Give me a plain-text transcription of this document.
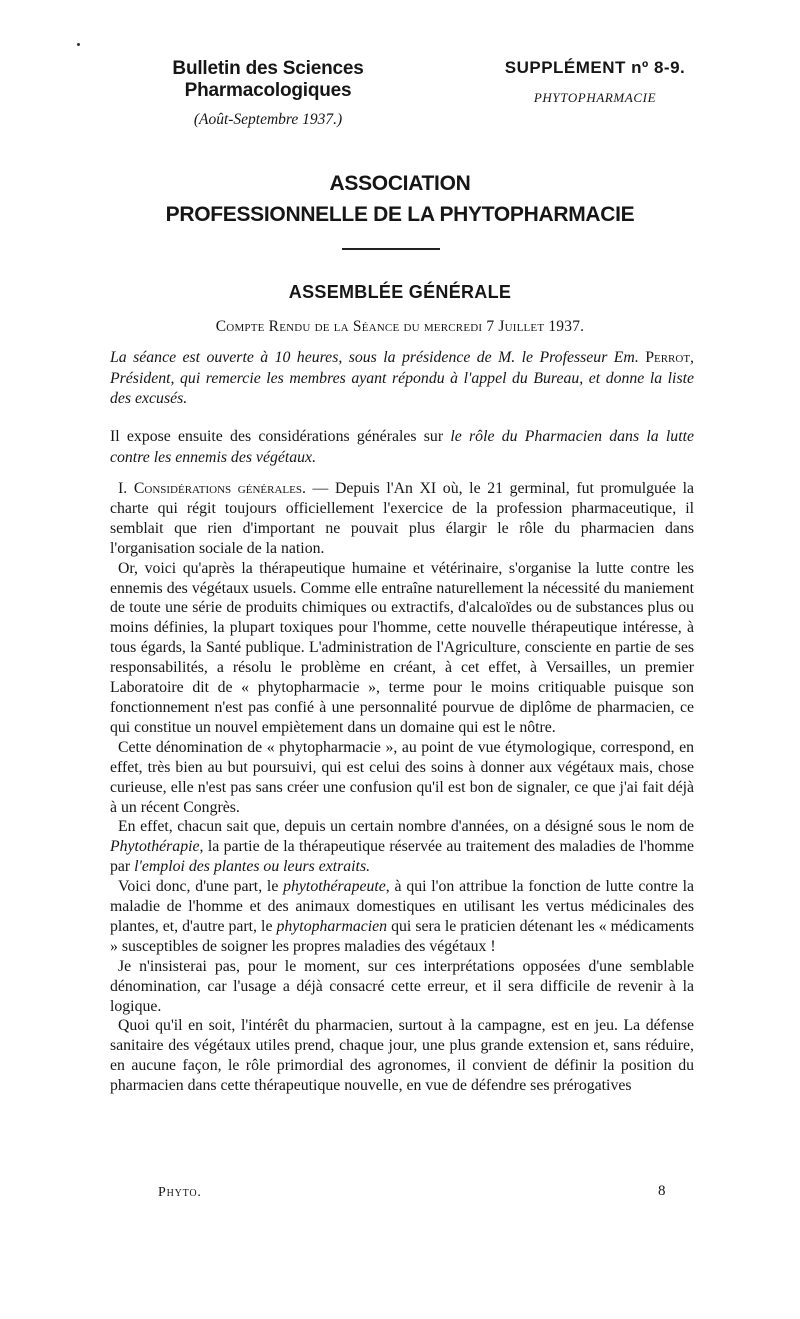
Bulletin des Sciences Pharmacologiques
(Août-Septembre 1937.)
SUPPLÉMENT nº 8-9.
PHYTOPHARMACIE
ASSOCIATION
PROFESSIONNELLE DE LA PHYTOPHARMACIE
ASSEMBLÉE GÉNÉRALE
Compte Rendu de la Séance du mercredi 7 Juillet 1937.
La séance est ouverte à 10 heures, sous la présidence de M. le Professeur Em. Perrot, Président, qui remercie les membres ayant répondu à l'appel du Bureau, et donne la liste des excusés.
Il expose ensuite des considérations générales sur le rôle du Pharmacien dans la lutte contre les ennemis des végétaux.

I. Considérations générales. — Depuis l'An XI où, le 21 germinal, fut promulguée la charte qui régit toujours officiellement l'exercice de la profession pharmaceutique, il semblait que rien d'important ne pouvait plus élargir le rôle du pharmacien dans l'organisation sociale de la nation.

Or, voici qu'après la thérapeutique humaine et vétérinaire, s'organise la lutte contre les ennemis des végétaux usuels. Comme elle entraîne naturellement la nécessité du maniement de toute une série de produits chimiques ou extractifs, d'alcaloïdes ou de substances plus ou moins définies, la plupart toxiques pour l'homme, cette nouvelle thérapeutique intéresse, à tous égards, la Santé publique. L'administration de l'Agriculture, consciente en partie de ses responsabilités, a résolu le problème en créant, à cet effet, à Versailles, un premier Laboratoire dit de « phytopharmacie », terme pour le moins critiquable puisque son fonctionnement n'est pas confié à une personnalité pourvue de diplôme de pharmacien, ce qui constitue un nouvel empiètement dans un domaine qui est le nôtre.

Cette dénomination de « phytopharmacie », au point de vue étymologique, correspond, en effet, très bien au but poursuivi, qui est celui des soins à donner aux végétaux mais, chose curieuse, elle n'est pas sans créer une confusion qu'il est bon de signaler, ce que j'ai fait déjà à un récent Congrès.

En effet, chacun sait que, depuis un certain nombre d'années, on a désigné sous le nom de Phytothérapie, la partie de la thérapeutique réservée au traitement des maladies de l'homme par l'emploi des plantes ou leurs extraits.

Voici donc, d'une part, le phytothérapeute, à qui l'on attribue la fonction de lutte contre la maladie de l'homme et des animaux domestiques en utilisant les vertus médicinales des plantes, et, d'autre part, le phytopharmacien qui sera le praticien détenant les « médicaments » susceptibles de soigner les propres maladies des végétaux !

Je n'insisterai pas, pour le moment, sur ces interprétations opposées d'une semblable dénomination, car l'usage a déjà consacré cette erreur, et il sera difficile de revenir à la logique.

Quoi qu'il en soit, l'intérêt du pharmacien, surtout à la campagne, est en jeu. La défense sanitaire des végétaux utiles prend, chaque jour, une plus grande extension et, sans réduire, en aucune façon, le rôle primordial des agronomes, il convient de définir la position du pharmacien dans cette thérapeutique nouvelle, en vue de défendre ses prérogatives

Phyto.	8
